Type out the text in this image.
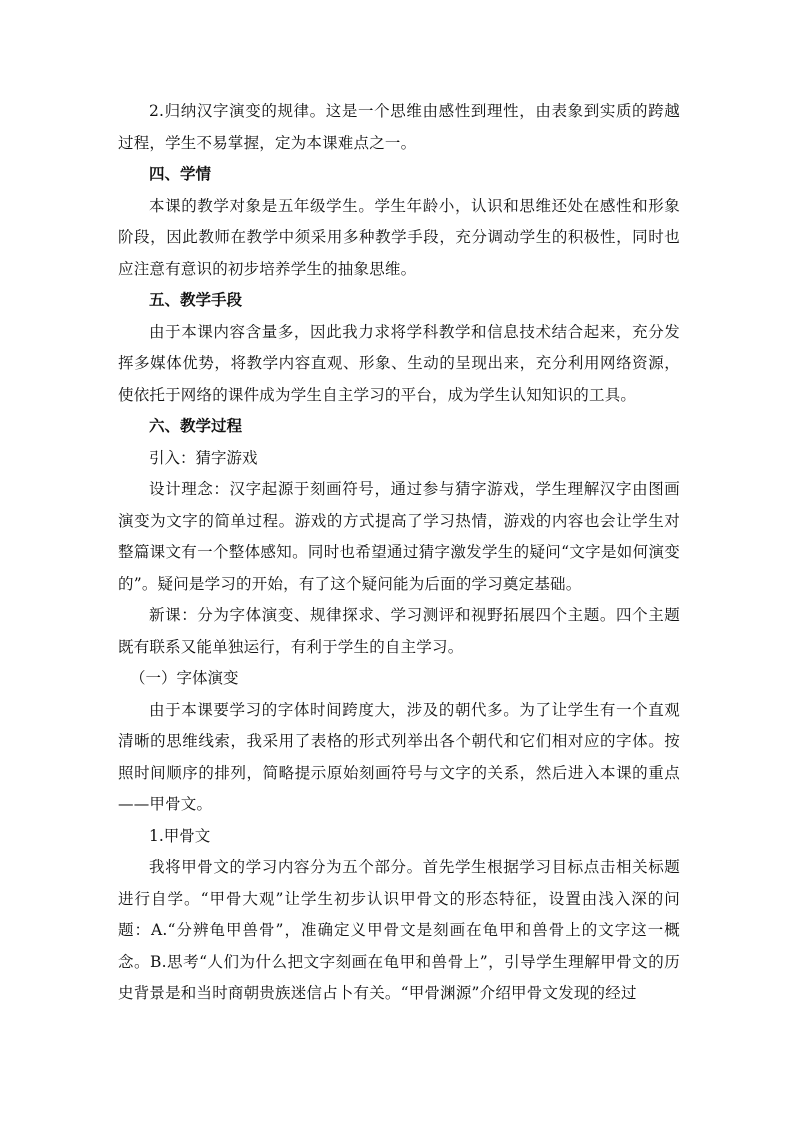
2.归纳汉字演变的规律。这是一个思维由感性到理性，由表象到实质的跨越过程，学生不易掌握，定为本课难点之一。

四、学情

本课的教学对象是五年级学生。学生年龄小，认识和思维还处在感性和形象阶段，因此教师在教学中须采用多种教学手段，充分调动学生的积极性，同时也应注意有意识的初步培养学生的抽象思维。

五、教学手段

由于本课内容含量多，因此我力求将学科教学和信息技术结合起来，充分发挥多媒体优势，将教学内容直观、形象、生动的呈现出来，充分利用网络资源，使依托于网络的课件成为学生自主学习的平台，成为学生认知知识的工具。

六、教学过程

引入：猜字游戏

设计理念：汉字起源于刻画符号，通过参与猜字游戏，学生理解汉字由图画演变为文字的简单过程。游戏的方式提高了学习热情，游戏的内容也会让学生对整篇课文有一个整体感知。同时也希望通过猜字激发学生的疑问“文字是如何演变的”。疑问是学习的开始，有了这个疑问能为后面的学习奠定基础。

新课：分为字体演变、规律探求、学习测评和视野拓展四个主题。四个主题既有联系又能单独运行，有利于学生的自主学习。

（一）字体演变

由于本课要学习的字体时间跨度大，涉及的朝代多。为了让学生有一个直观清晰的思维线索，我采用了表格的形式列举出各个朝代和它们相对应的字体。按照时间顺序的排列，简略提示原始刻画符号与文字的关系，然后进入本课的重点——甲骨文。

1.甲骨文

我将甲骨文的学习内容分为五个部分。首先学生根据学习目标点击相关标题进行自学。“甲骨大观”让学生初步认识甲骨文的形态特征，设置由浅入深的问题：A.“分辨龟甲兽骨”，准确定义甲骨文是刻画在龟甲和兽骨上的文字这一概念。B.思考“人们为什么把文字刻画在龟甲和兽骨上”，引导学生理解甲骨文的历史背景是和当时商朝贵族迷信占卜有关。“甲骨渊源”介绍甲骨文发现的经过
